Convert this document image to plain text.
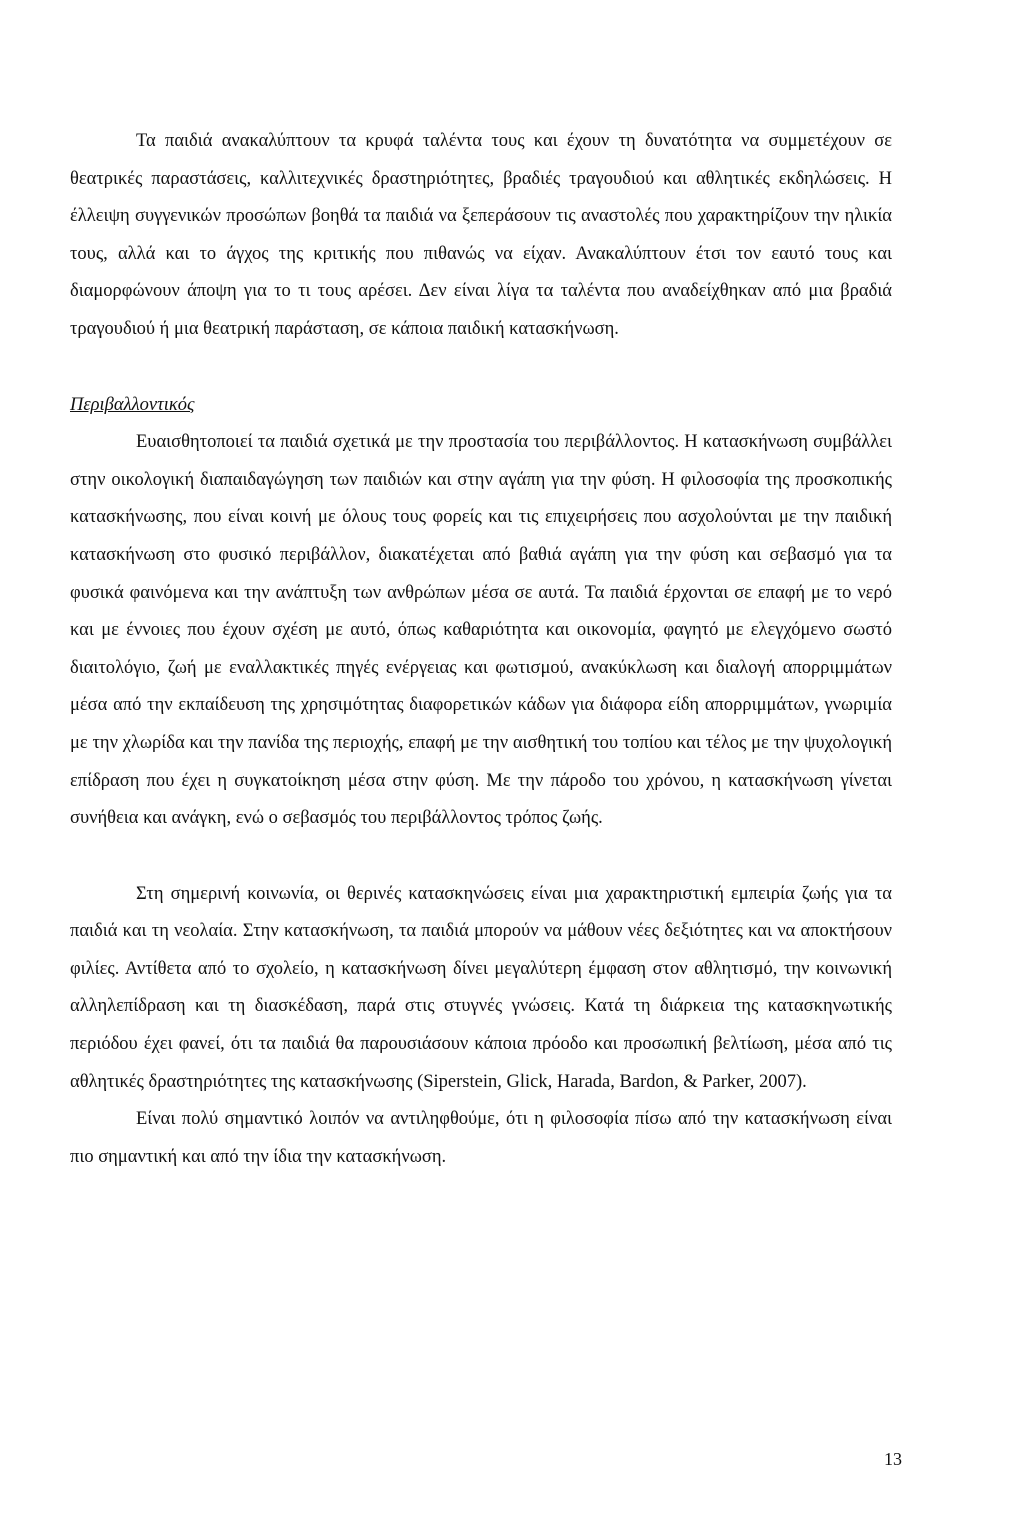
Τα παιδιά ανακαλύπτουν τα κρυφά ταλέντα τους και έχουν τη δυνατότητα να συμμετέχουν σε θεατρικές παραστάσεις, καλλιτεχνικές δραστηριότητες, βραδιές τραγουδιού και αθλητικές εκδηλώσεις. Η έλλειψη συγγενικών προσώπων βοηθά τα παιδιά να ξεπεράσουν τις αναστολές που χαρακτηρίζουν την ηλικία τους, αλλά και το άγχος της κριτικής που πιθανώς να είχαν. Ανακαλύπτουν έτσι τον εαυτό τους και διαμορφώνουν άποψη για το τι τους αρέσει. Δεν είναι λίγα τα ταλέντα που αναδείχθηκαν από μια βραδιά τραγουδιού ή μια θεατρική παράσταση, σε κάποια παιδική κατασκήνωση.

Περιβαλλοντικός

Ευαισθητοποιεί τα παιδιά σχετικά με την προστασία του περιβάλλοντος. Η κατασκήνωση συμβάλλει στην οικολογική διαπαιδαγώγηση των παιδιών και στην αγάπη για την φύση. Η φιλοσοφία της προσκοπικής κατασκήνωσης, που είναι κοινή με όλους τους φορείς και τις επιχειρήσεις που ασχολούνται με την παιδική κατασκήνωση στο φυσικό περιβάλλον, διακατέχεται από βαθιά αγάπη για την φύση και σεβασμό για τα φυσικά φαινόμενα και την ανάπτυξη των ανθρώπων μέσα σε αυτά. Τα παιδιά έρχονται σε επαφή με το νερό και με έννοιες που έχουν σχέση με αυτό, όπως καθαριότητα και οικονομία, φαγητό με ελεγχόμενο σωστό διαιτολόγιο, ζωή με εναλλακτικές πηγές ενέργειας και φωτισμού, ανακύκλωση και διαλογή απορριμμάτων μέσα από την εκπαίδευση της χρησιμότητας διαφορετικών κάδων για διάφορα είδη απορριμμάτων, γνωριμία με την χλωρίδα και την πανίδα της περιοχής, επαφή με την αισθητική του τοπίου και τέλος με την ψυχολογική επίδραση που έχει η συγκατοίκηση μέσα στην φύση. Με την πάροδο του χρόνου, η κατασκήνωση γίνεται συνήθεια και ανάγκη, ενώ ο σεβασμός του περιβάλλοντος τρόπος ζωής.

Στη σημερινή κοινωνία, οι θερινές κατασκηνώσεις είναι μια χαρακτηριστική εμπειρία ζωής για τα παιδιά και τη νεολαία. Στην κατασκήνωση, τα παιδιά μπορούν να μάθουν νέες δεξιότητες και να αποκτήσουν φιλίες. Αντίθετα από το σχολείο, η κατασκήνωση δίνει μεγαλύτερη έμφαση στον αθλητισμό, την κοινωνική αλληλεπίδραση και τη διασκέδαση, παρά στις στυγνές γνώσεις. Κατά τη διάρκεια της κατασκηνωτικής περιόδου έχει φανεί, ότι τα παιδιά θα παρουσιάσουν κάποια πρόοδο και προσωπική βελτίωση, μέσα από τις αθλητικές δραστηριότητες της κατασκήνωσης (Siperstein, Glick, Harada, Bardon, & Parker, 2007).

Είναι πολύ σημαντικό λοιπόν να αντιληφθούμε, ότι η φιλοσοφία πίσω από την κατασκήνωση είναι πιο σημαντική και από την ίδια την κατασκήνωση.

13
